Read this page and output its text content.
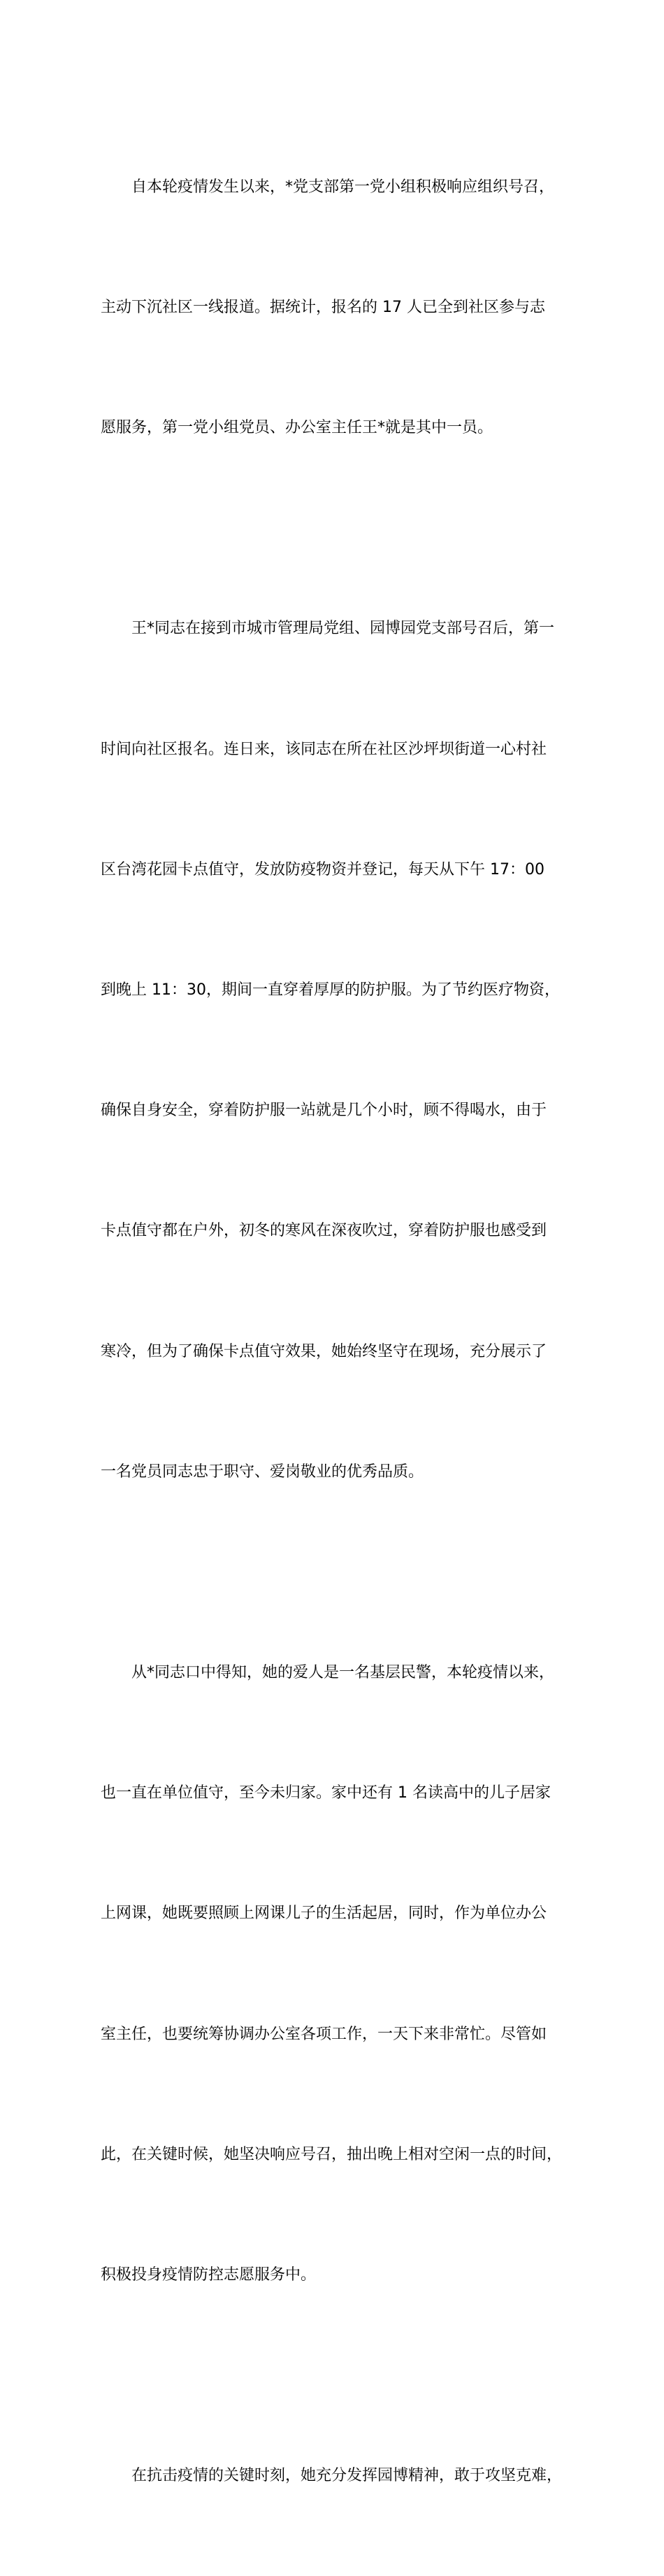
自本轮疫情发生以来，*党支部第一党小组积极响应组织号召，

主动下沉社区一线报道。据统计，报名的 17 人已全到社区参与志

愿服务，第一党小组党员、办公室主任王*就是其中一员。

王*同志在接到市城市管理局党组、园博园党支部号召后，第一

时间向社区报名。连日来，该同志在所在社区沙坪坝街道一心村社

区台湾花园卡点值守，发放防疫物资并登记，每天从下午 17：00

到晚上 11：30，期间一直穿着厚厚的防护服。为了节约医疗物资，

确保自身安全，穿着防护服一站就是几个小时，顾不得喝水，由于

卡点值守都在户外，初冬的寒风在深夜吹过，穿着防护服也感受到

寒冷，但为了确保卡点值守效果，她始终坚守在现场，充分展示了

一名党员同志忠于职守、爱岗敬业的优秀品质。

从*同志口中得知，她的爱人是一名基层民警，本轮疫情以来，

也一直在单位值守，至今未归家。家中还有 1 名读高中的儿子居家

上网课，她既要照顾上网课儿子的生活起居，同时，作为单位办公

室主任，也要统筹协调办公室各项工作，一天下来非常忙。尽管如

此，在关键时候，她坚决响应号召，抽出晚上相对空闲一点的时间，

积极投身疫情防控志愿服务中。

在抗击疫情的关键时刻，她充分发挥园博精神，敢于攻坚克难，
